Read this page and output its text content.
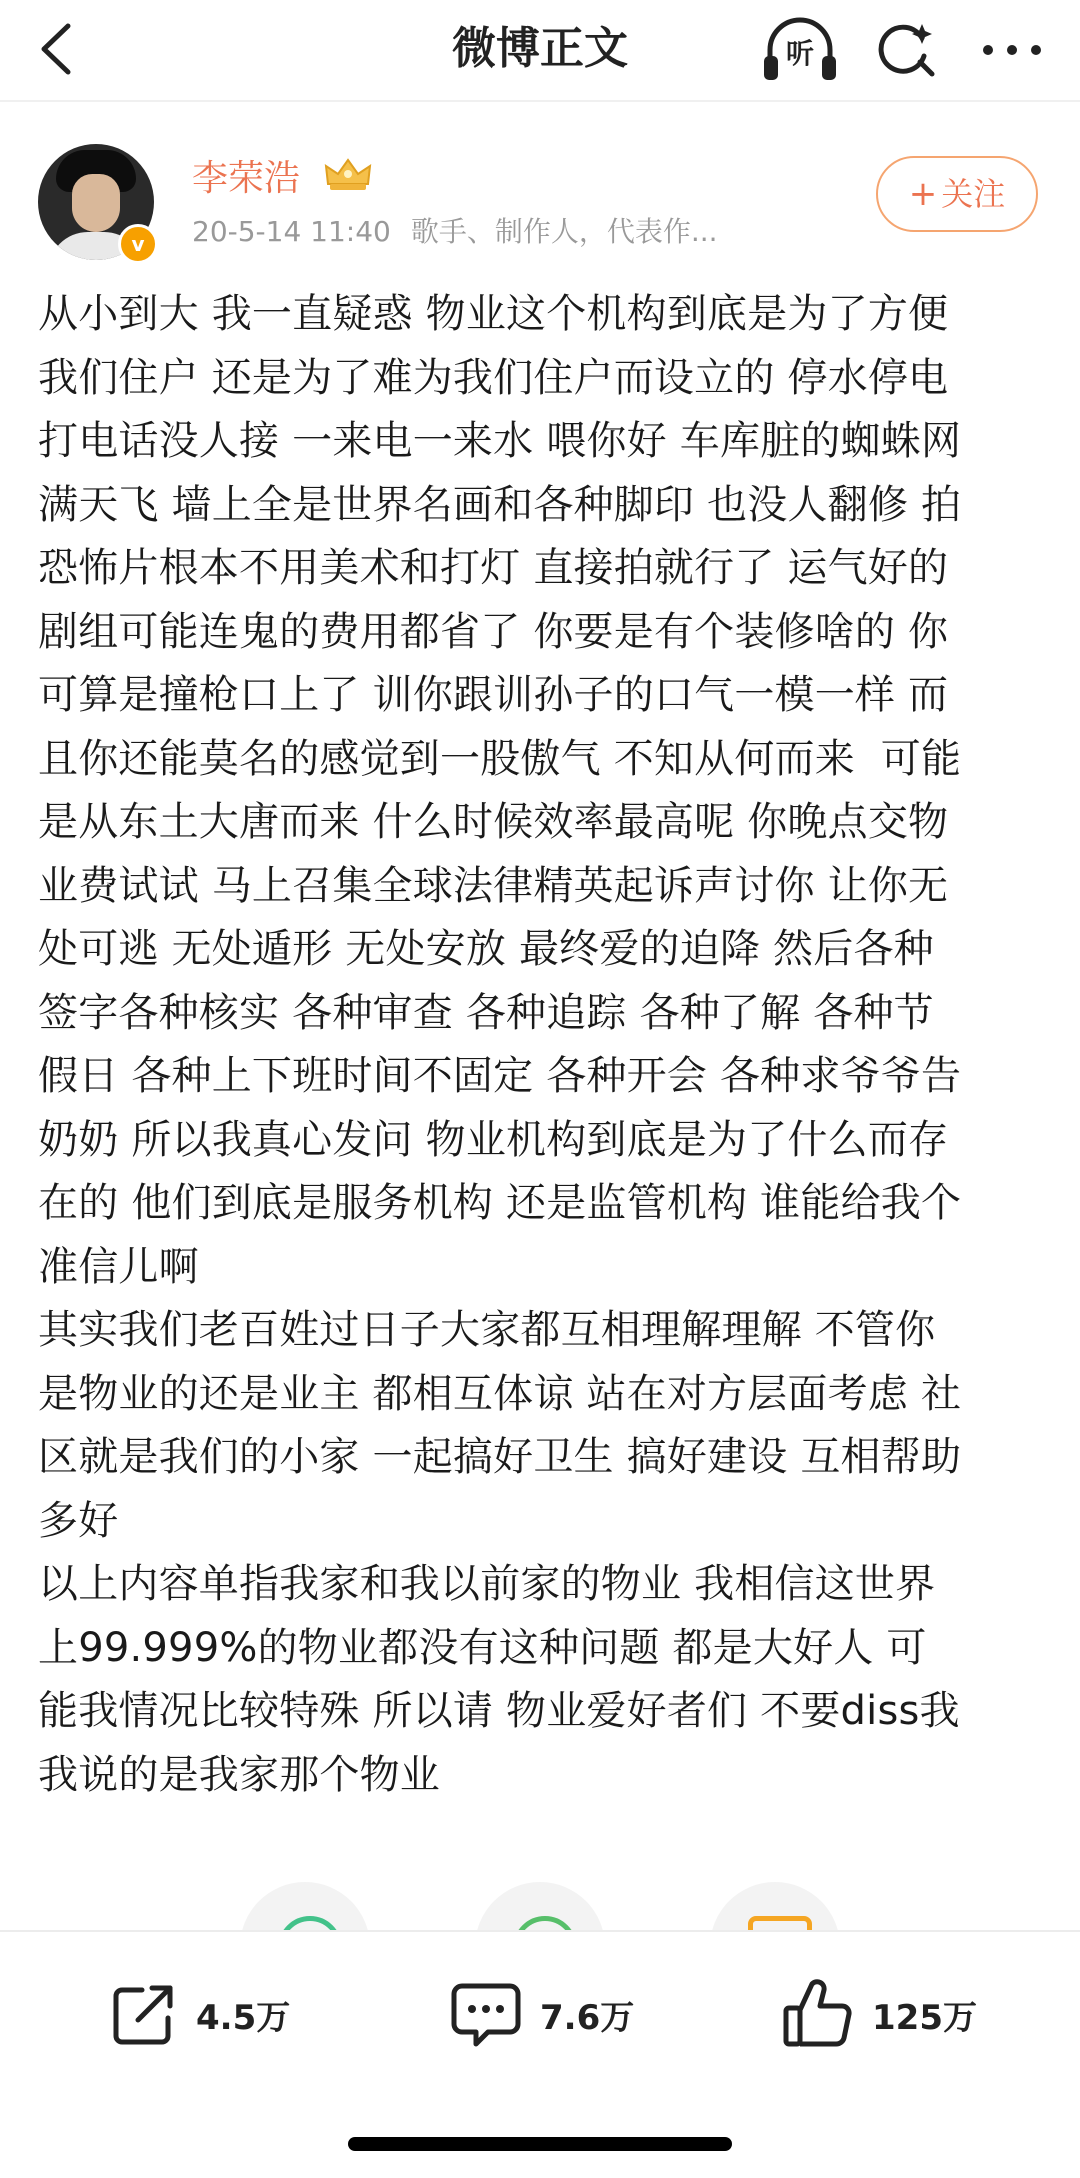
微博正文	听
v
李荣浩
20-5-14 11:40 歌手、制作人，代表作...
+ 关注
从小到大 我一直疑惑 物业这个机构到底是为了方便
我们住户 还是为了难为我们住户而设立的 停水停电
打电话没人接 一来电一来水 喂你好 车库脏的蜘蛛网
满天飞 墙上全是世界名画和各种脚印 也没人翻修 拍
恐怖片根本不用美术和打灯 直接拍就行了 运气好的
剧组可能连鬼的费用都省了 你要是有个装修啥的 你
可算是撞枪口上了 训你跟训孙子的口气一模一样 而
且你还能莫名的感觉到一股傲气 不知从何而来  可能
是从东土大唐而来 什么时候效率最高呢 你晚点交物
业费试试 马上召集全球法律精英起诉声讨你 让你无
处可逃 无处遁形 无处安放 最终爱的迫降 然后各种
签字各种核实 各种审查 各种追踪 各种了解 各种节
假日 各种上下班时间不固定 各种开会 各种求爷爷告
奶奶 所以我真心发问 物业机构到底是为了什么而存
在的 他们到底是服务机构 还是监管机构 谁能给我个
准信儿啊
其实我们老百姓过日子大家都互相理解理解 不管你
是物业的还是业主 都相互体谅 站在对方层面考虑 社
区就是我们的小家 一起搞好卫生 搞好建设 互相帮助
多好
以上内容单指我家和我以前家的物业 我相信这世界
上99.999%的物业都没有这种问题 都是大好人 可
能我情况比较特殊 所以请 物业爱好者们 不要diss我
我说的是我家那个物业
4.5万	7.6万	125万
